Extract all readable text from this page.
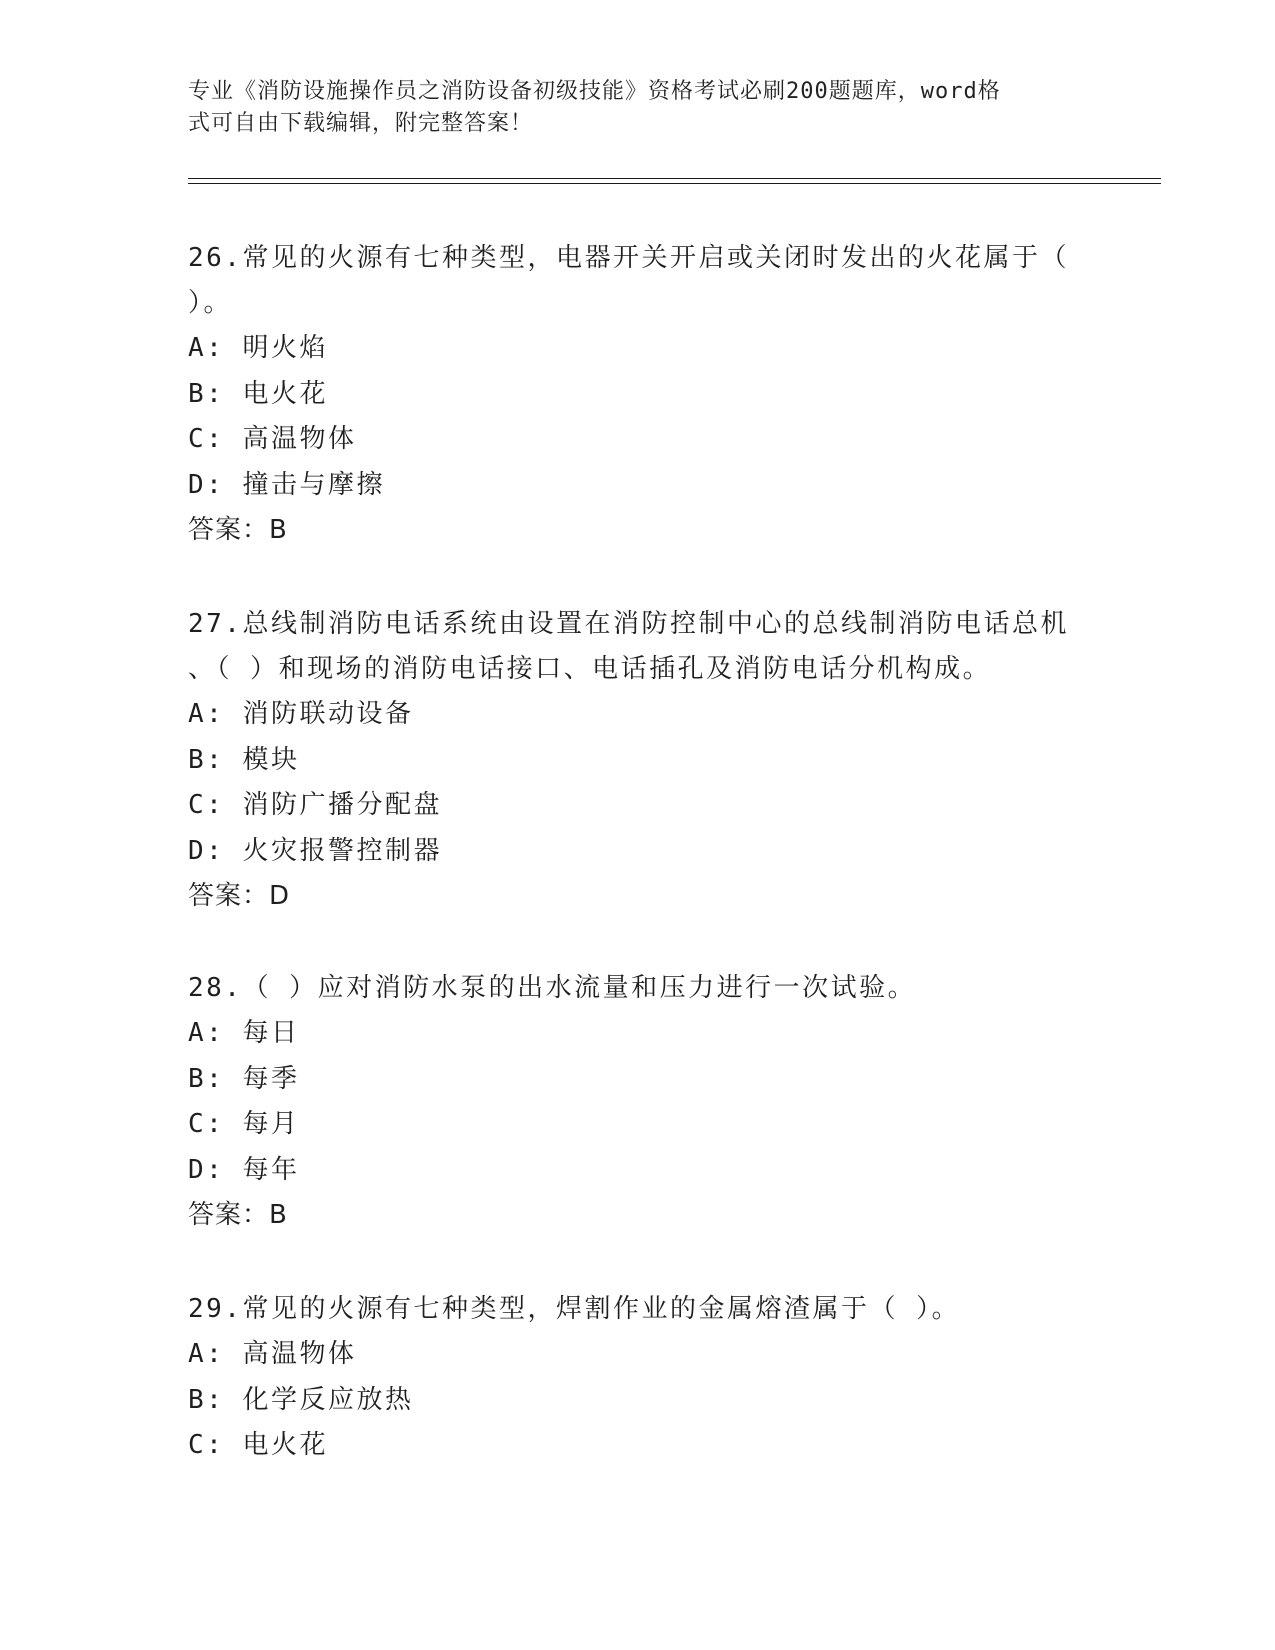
专业《消防设施操作员之消防设备初级技能》资格考试必刷200题题库，word格
式可自由下载编辑，附完整答案！

26.常见的火源有七种类型，电器开关开启或关闭时发出的火花属于（

）。

A: 明火焰

B: 电火花

C: 高温物体

D: 撞击与摩擦

答案：B

27.总线制消防电话系统由设置在消防控制中心的总线制消防电话总机

、（ ）和现场的消防电话接口、电话插孔及消防电话分机构成。

A: 消防联动设备

B: 模块

C: 消防广播分配盘

D: 火灾报警控制器

答案：D

28.（ ）应对消防水泵的出水流量和压力进行一次试验。

A: 每日

B: 每季

C: 每月

D: 每年

答案：B

29.常见的火源有七种类型，焊割作业的金属熔渣属于（ ）。

A: 高温物体

B: 化学反应放热

C: 电火花
